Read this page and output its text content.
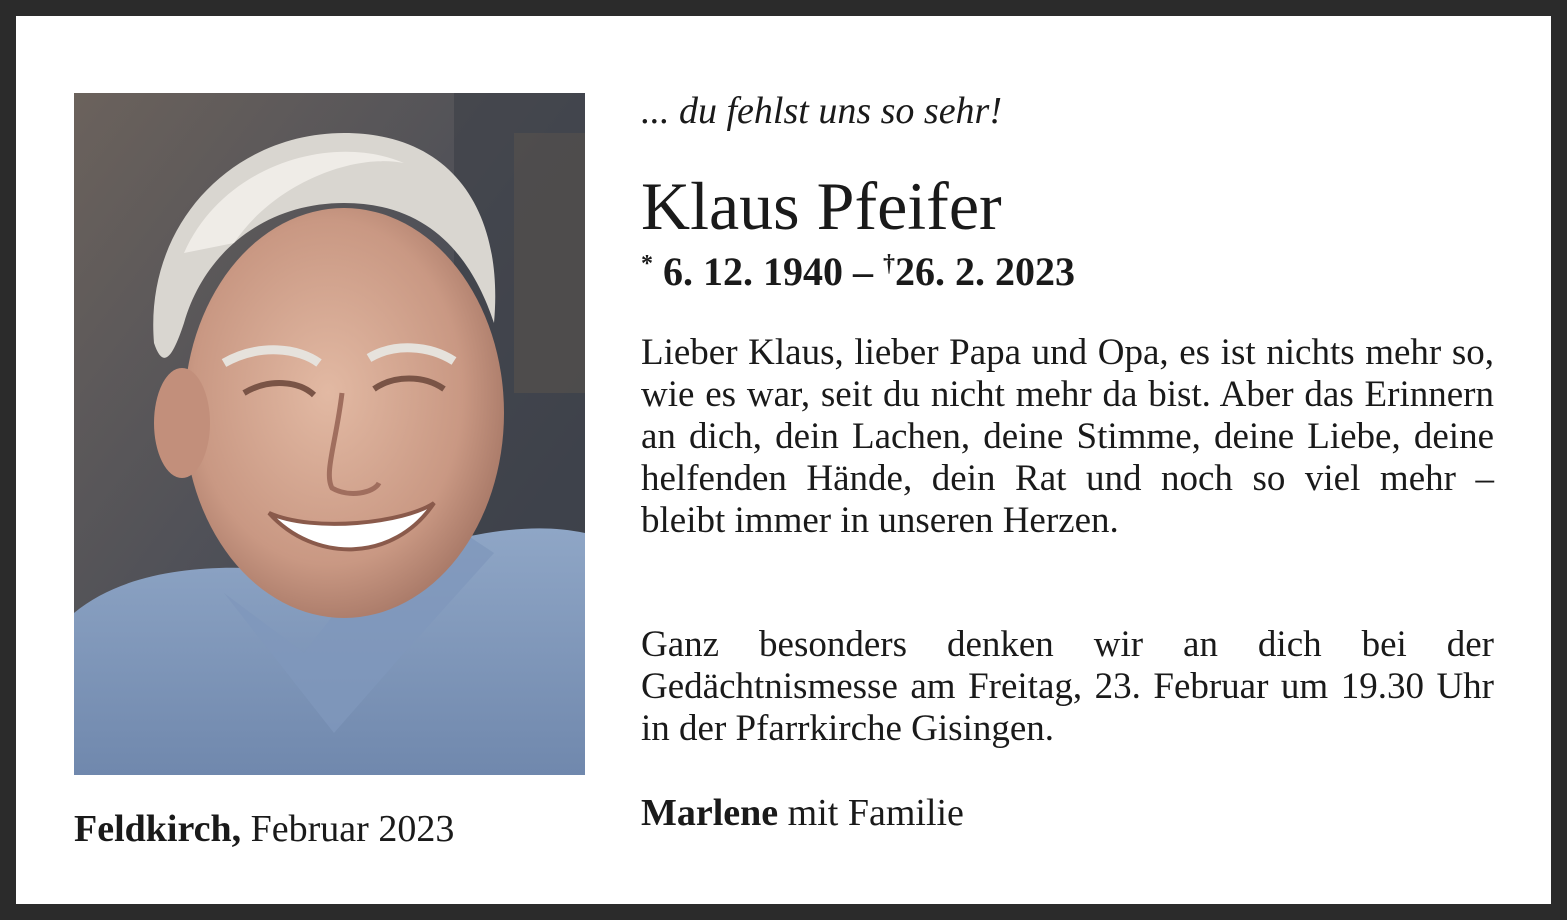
Feldkirch, Februar 2023
... du fehlst uns so sehr!
Klaus Pfeifer
* 6. 12. 1940 – †26. 2. 2023
Lieber Klaus, lieber Papa und Opa, es ist nichts mehr so, wie es war, seit du nicht mehr da bist. Aber das Erinnern an dich, dein Lachen, deine Stimme, deine Liebe, deine helfenden Hände, dein Rat und noch so viel mehr – bleibt immer in unseren Herzen.
Ganz besonders denken wir an dich bei der Gedächtnismesse am Freitag, 23. Februar um 19.30 Uhr in der Pfarrkirche Gisingen.
Marlene mit Familie
